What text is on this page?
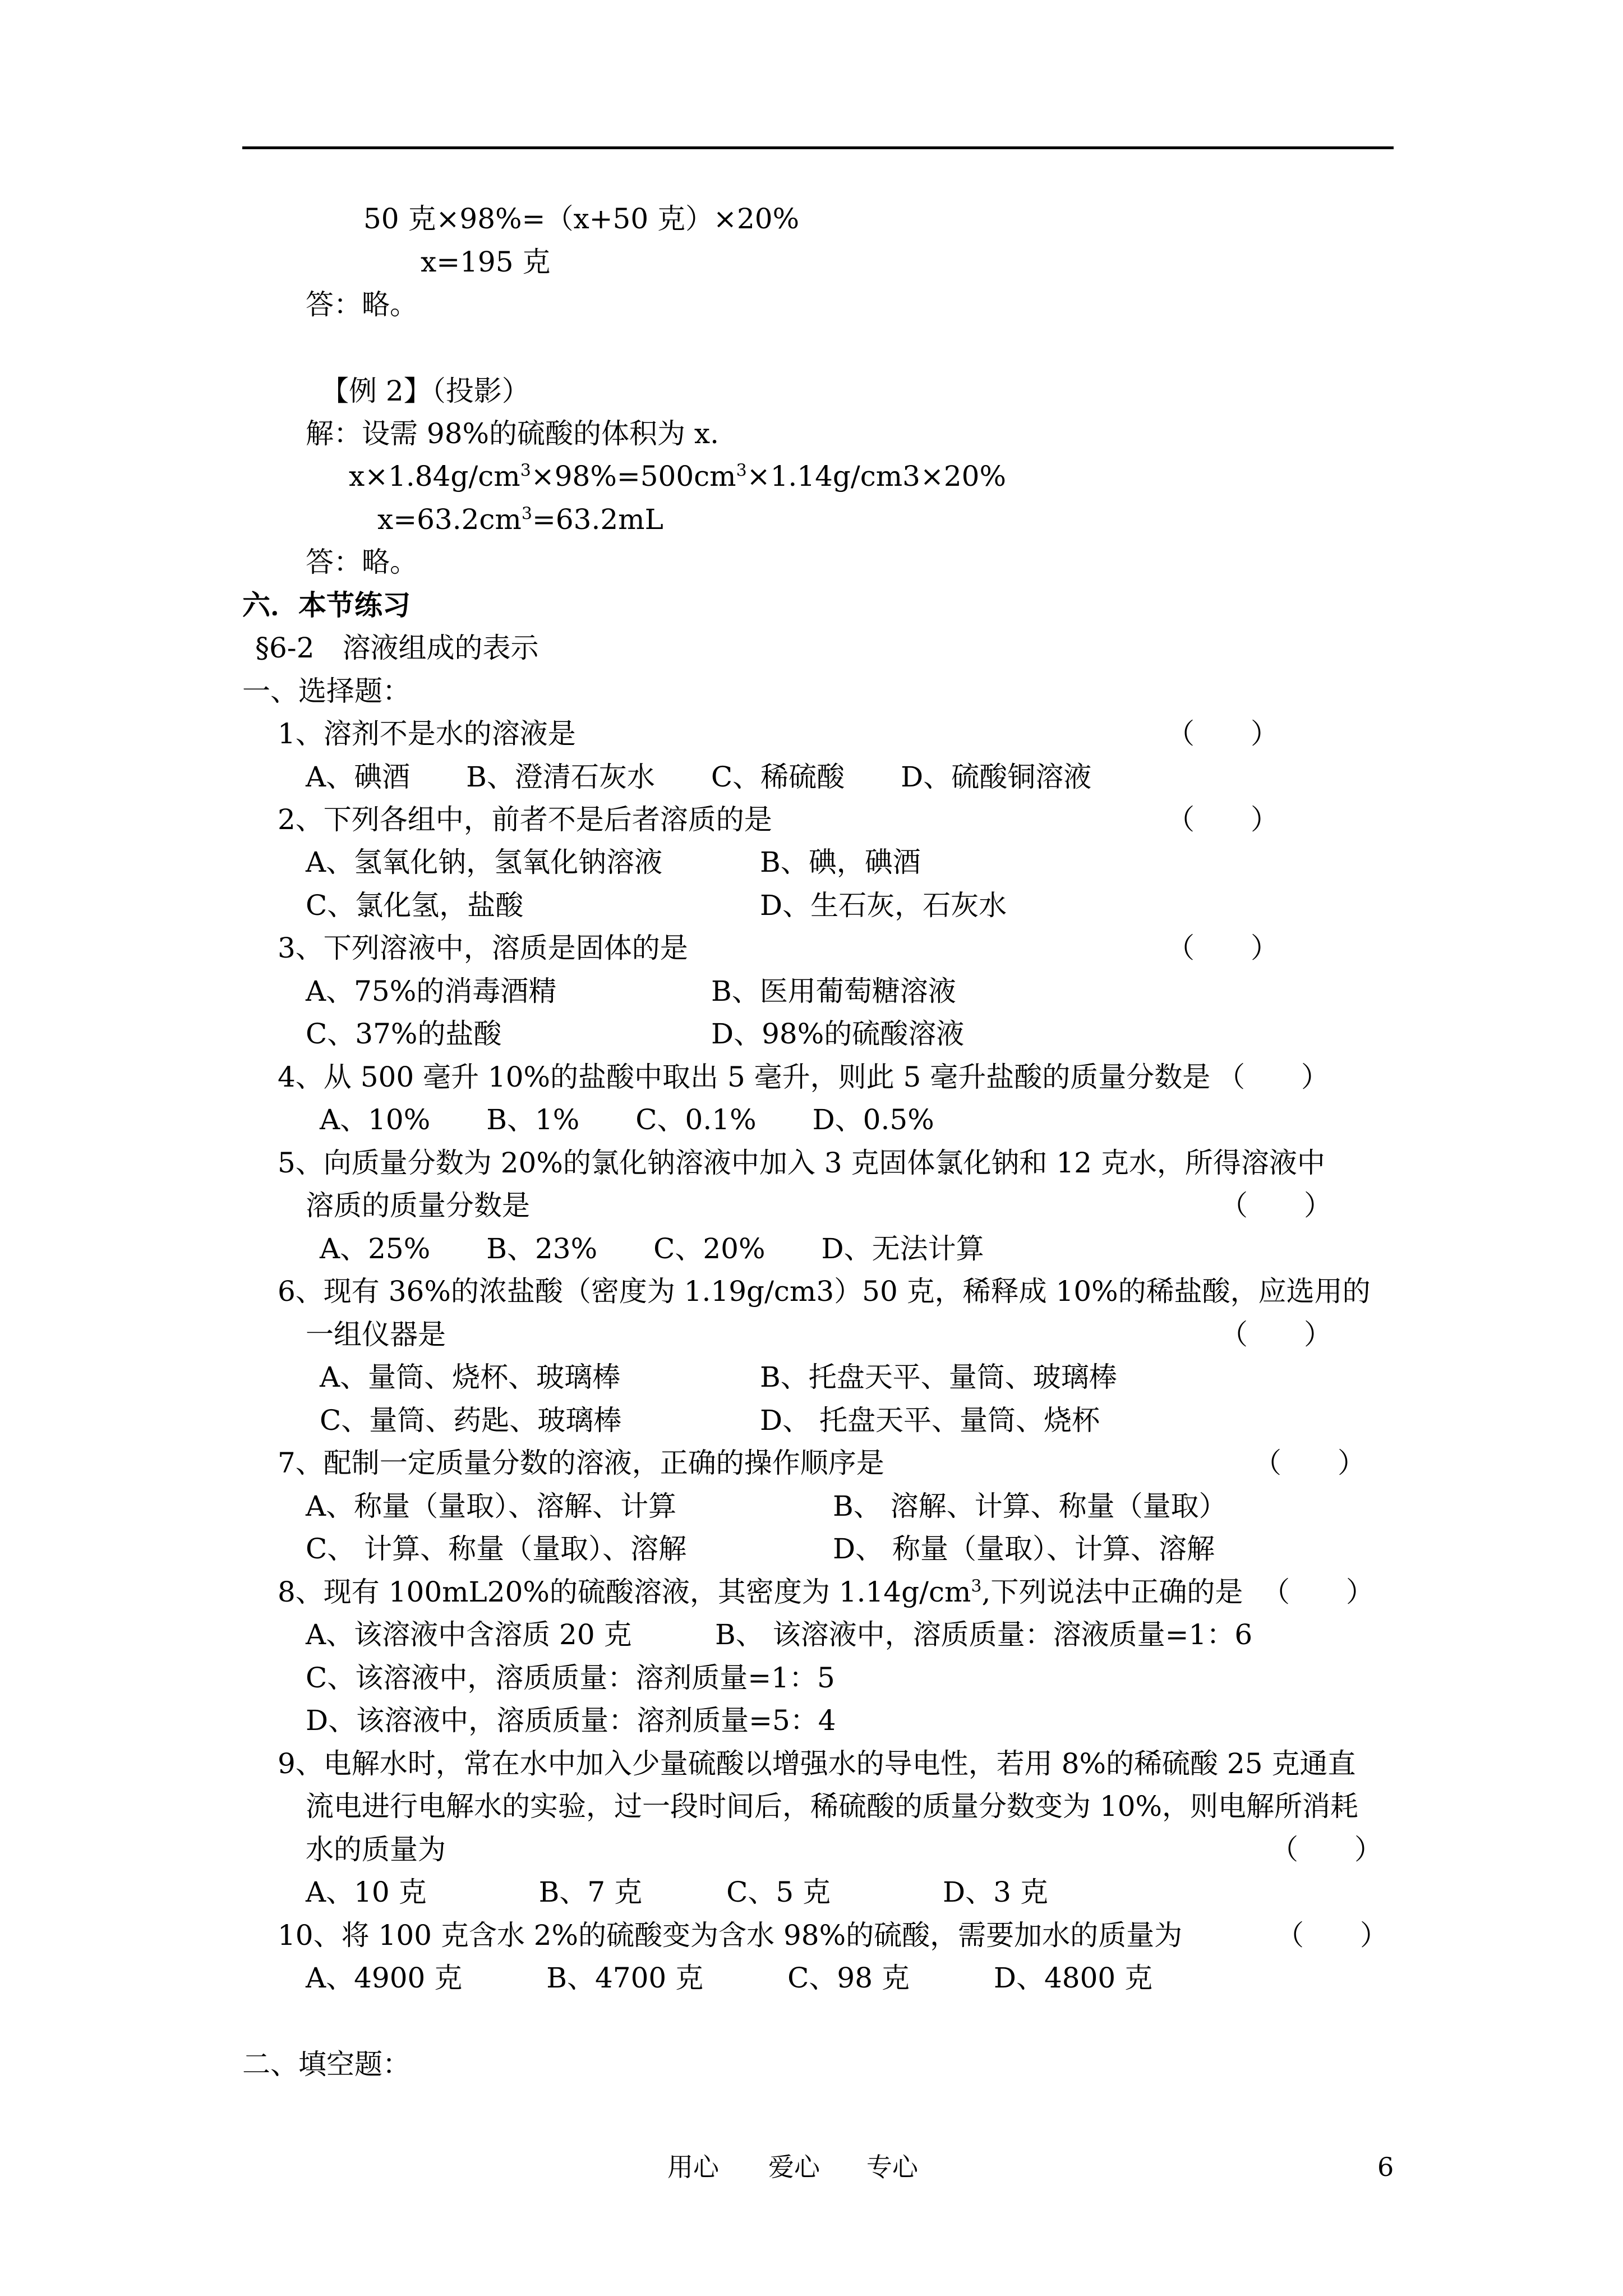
50 克×98%=（x+50 克）×20%
x=195 克
答：略。
【例 2】（投影）
解：设需 98%的硫酸的体积为 x.
$x\times 1.84g/cm^3\times 98\%=500cm^3\times 1.14g/cm3\times 20\%$
$x=63.2cm^3=63.2mL$
答：略。
六．本节练习
§6-2　溶液组成的表示
一、选择题：
1、溶剂不是水的溶液是	（　　）
A、碘酒　　B、澄清石灰水　　C、稀硫酸　　D、硫酸铜溶液
2、下列各组中，前者不是后者溶质的是	（　　）
A、氢氧化钠，氢氧化钠溶液	B、碘，碘酒
C、氯化氢，盐酸	D、生石灰，石灰水
3、下列溶液中，溶质是固体的是	（　　）
A、75%的消毒酒精	B、医用葡萄糖溶液
C、37%的盐酸	D、98%的硫酸溶液
4、从 500 毫升 10%的盐酸中取出 5 毫升，则此 5 毫升盐酸的质量分数是 （　　）
A、10%　　B、1%　　C、0.1%　　D、0.5%
5、向质量分数为 20%的氯化钠溶液中加入 3 克固体氯化钠和 12 克水，所得溶液中
溶质的质量分数是	（　　）
A、25%　　B、23%　　C、20%　　D、无法计算
6、现有 36%的浓盐酸（密度为 1.19g/cm3）50 克，稀释成 10%的稀盐酸，应选用的
一组仪器是	（　　）
A、量筒、烧杯、玻璃棒	B、托盘天平、量筒、玻璃棒
C、量筒、药匙、玻璃棒	D、 托盘天平、量筒、烧杯
7、配制一定质量分数的溶液，正确的操作顺序是	（　　）
A、称量（量取）、溶解、计算	B、 溶解、计算、称量（量取）
C、 计算、称量（量取）、溶解	D、 称量（量取）、计算、溶解
8、现有 100mL20%的硫酸溶液，其密度为 $1.14g/cm^3$,下列说法中正确的是 （　　）
A、该溶液中含溶质 20 克	B、 该溶液中，溶质质量：溶液质量=1：6
C、该溶液中，溶质质量：溶剂质量=1：5
D、该溶液中，溶质质量：溶剂质量=5：4
9、电解水时，常在水中加入少量硫酸以增强水的导电性，若用 8%的稀硫酸 25 克通直
流电进行电解水的实验，过一段时间后，稀硫酸的质量分数变为 10%，则电解所消耗
水的质量为	（　　）
A、10 克　　　　B、7 克　　　C、5 克　　　　D、3 克
10、将 100 克含水 2%的硫酸变为含水 98%的硫酸，需要加水的质量为	（　　）
A、4900 克　　　B、4700 克　　　C、98 克　　　D、4800 克
二、填空题：
用心 爱心 专心	6
